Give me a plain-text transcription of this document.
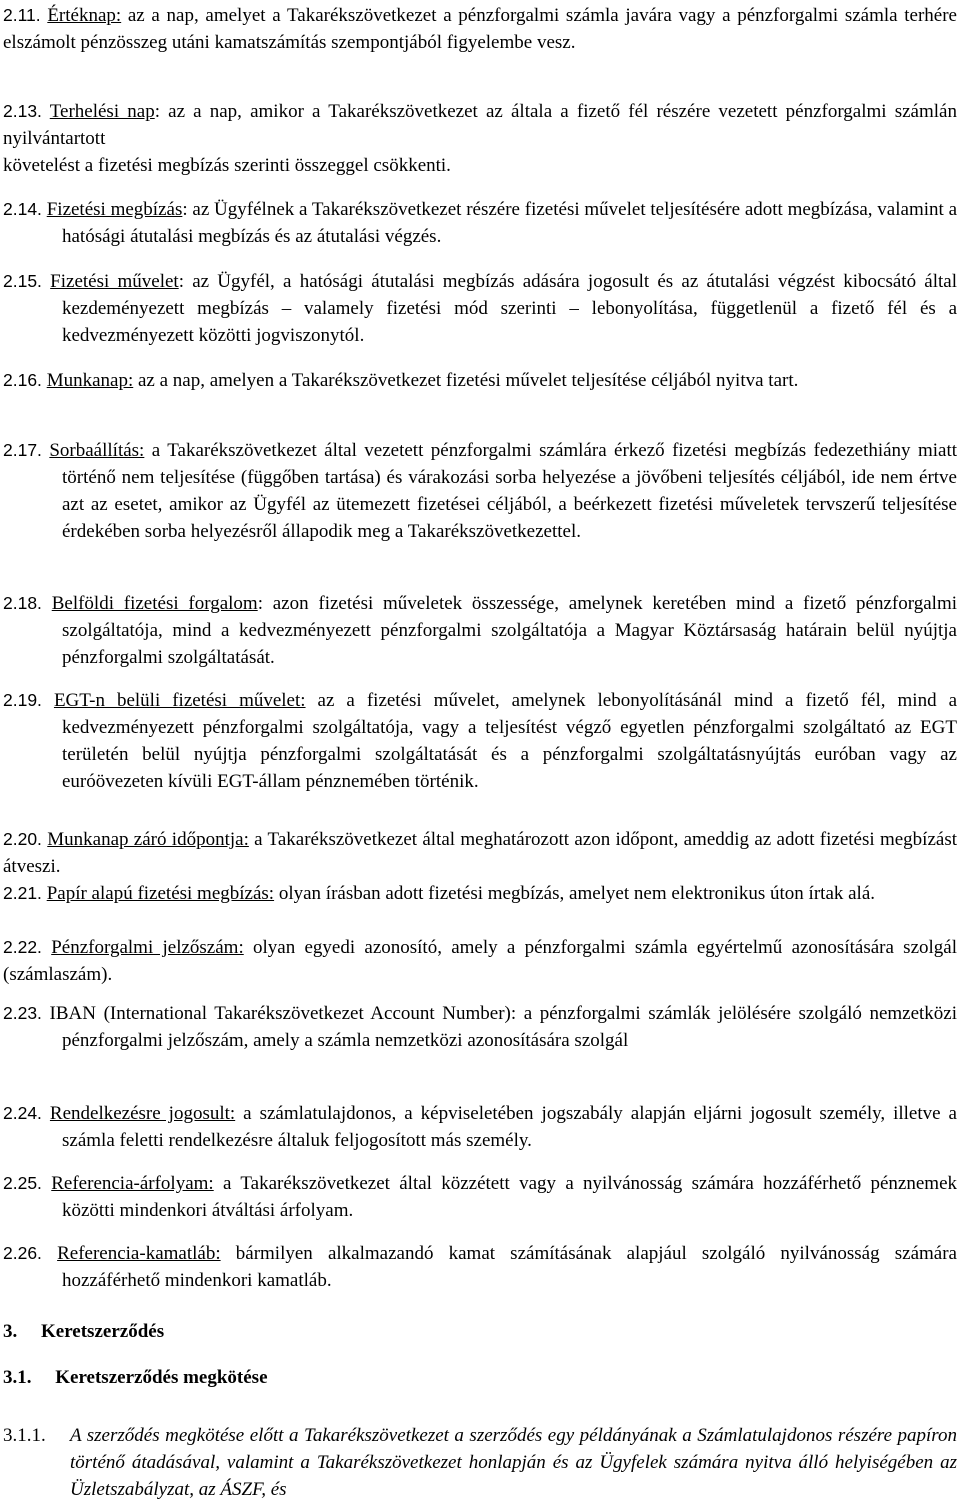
2.11. Értéknap: az a nap, amelyet a Takarékszövetkezet a pénzforgalmi számla javára vagy a pénzforgalmi számla terhére elszámolt pénzösszeg utáni kamatszámítás szempontjából figyelembe vesz.
2.13. Terhelési nap: az a nap, amikor a Takarékszövetkezet az általa a fizető fél részére vezetett pénzforgalmi számlán nyilvántartott
követelést a fizetési megbízás szerinti összeggel csökkenti.
2.14. Fizetési megbízás: az Ügyfélnek a Takarékszövetkezet részére fizetési művelet teljesítésére adott megbízása, valamint a hatósági átutalási megbízás és az átutalási végzés.
2.15. Fizetési művelet: az Ügyfél, a hatósági átutalási megbízás adására jogosult és az átutalási végzést kibocsátó által kezdeményezett megbízás – valamely fizetési mód szerinti – lebonyolítása, függetlenül a fizető fél és a kedvezményezett közötti jogviszonytól.
2.16. Munkanap: az a nap, amelyen a Takarékszövetkezet fizetési művelet teljesítése céljából nyitva tart.
2.17. Sorbaállítás: a Takarékszövetkezet által vezetett pénzforgalmi számlára érkező fizetési megbízás fedezethiány miatt történő nem teljesítése (függőben tartása) és várakozási sorba helyezése a jövőbeni teljesítés céljából, ide nem értve azt az esetet, amikor az Ügyfél az ütemezett fizetései céljából, a beérkezett fizetési műveletek tervszerű teljesítése érdekében sorba helyezésről állapodik meg a Takarékszövetkezettel.
2.18. Belföldi fizetési forgalom: azon fizetési műveletek összessége, amelynek keretében mind a fizető pénzforgalmi szolgáltatója, mind a kedvezményezett pénzforgalmi szolgáltatója a Magyar Köztársaság határain belül nyújtja pénzforgalmi szolgáltatását.
2.19. EGT-n belüli fizetési művelet: az a fizetési művelet, amelynek lebonyolításánál mind a fizető fél, mind a kedvezményezett pénzforgalmi szolgáltatója, vagy a teljesítést végző egyetlen pénzforgalmi szolgáltató az EGT területén belül nyújtja pénzforgalmi szolgáltatását és a pénzforgalmi szolgáltatásnyújtás euróban vagy az euróövezeten kívüli EGT-állam pénznemében történik.
2.20. Munkanap záró időpontja: a Takarékszövetkezet által meghatározott azon időpont, ameddig az adott fizetési megbízást átveszi.
2.21. Papír alapú fizetési megbízás: olyan írásban adott fizetési megbízás, amelyet nem elektronikus úton írtak alá.
2.22. Pénzforgalmi jelzőszám: olyan egyedi azonosító, amely a pénzforgalmi számla egyértelmű azonosítására szolgál (számlaszám).
2.23. IBAN (International Takarékszövetkezet Account Number): a pénzforgalmi számlák jelölésére szolgáló nemzetközi pénzforgalmi jelzőszám, amely a számla nemzetközi azonosítására szolgál
2.24. Rendelkezésre jogosult: a számlatulajdonos, a képviseletében jogszabály alapján eljárni jogosult személy, illetve a számla feletti rendelkezésre általuk feljogosított más személy.
2.25. Referencia-árfolyam: a Takarékszövetkezet által közzétett vagy a nyilvánosság számára hozzáférhető pénznemek közötti mindenkori átváltási árfolyam.
2.26. Referencia-kamatláb: bármilyen alkalmazandó kamat számításának alapjául szolgáló nyilvánosság számára hozzáférhető mindenkori kamatláb.
3.     Keretszerződés
3.1.     Keretszerződés megkötése
3.1.1.	A szerződés megkötése előtt a Takarékszövetkezet a szerződés egy példányának a Számlatulajdonos részére papíron történő átadásával, valamint a Takarékszövetkezet honlapján és az Ügyfelek számára nyitva álló helyiségében az Üzletszabályzat, az ÁSZF, és
